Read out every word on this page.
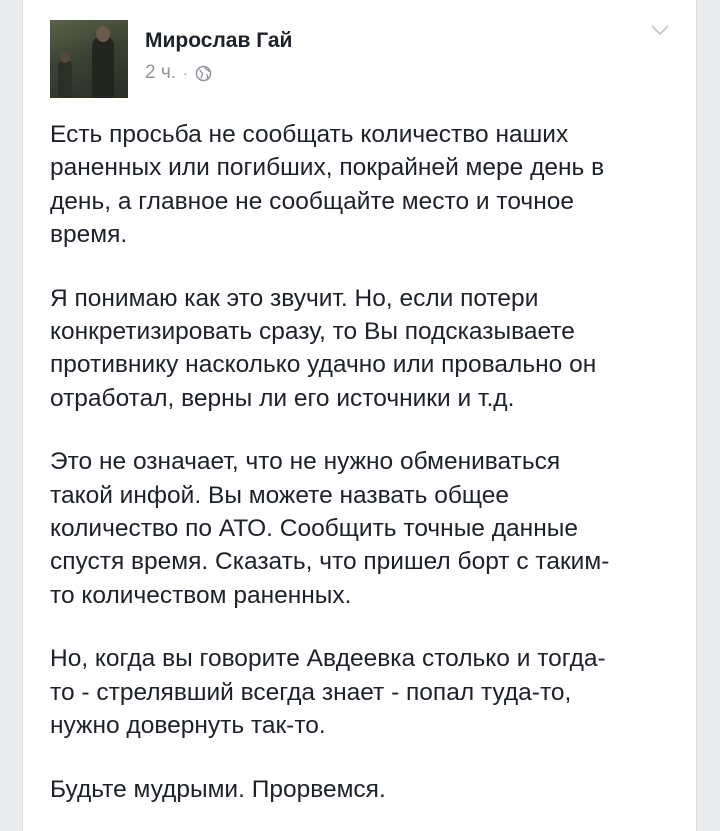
Мирослав Гай
2 ч. ·

Есть просьба не сообщать количество наших
раненных или погибших, покрайней мере день в
день, а главное не сообщайте место и точное
время.

Я понимаю как это звучит. Но, если потери
конкретизировать сразу, то Вы подсказываете
противнику насколько удачно или провально он
отработал, верны ли его источники и т.д.

Это не означает, что не нужно обмениваться
такой инфой. Вы можете назвать общее
количество по АТО. Сообщить точные данные
спустя время. Сказать, что пришел борт с таким-
то количеством раненных.

Но, когда вы говорите Авдеевка столько и тогда-
то - стрелявший всегда знает - попал туда-то,
нужно довернуть так-то.

Будьте мудрыми. Прорвемся.
